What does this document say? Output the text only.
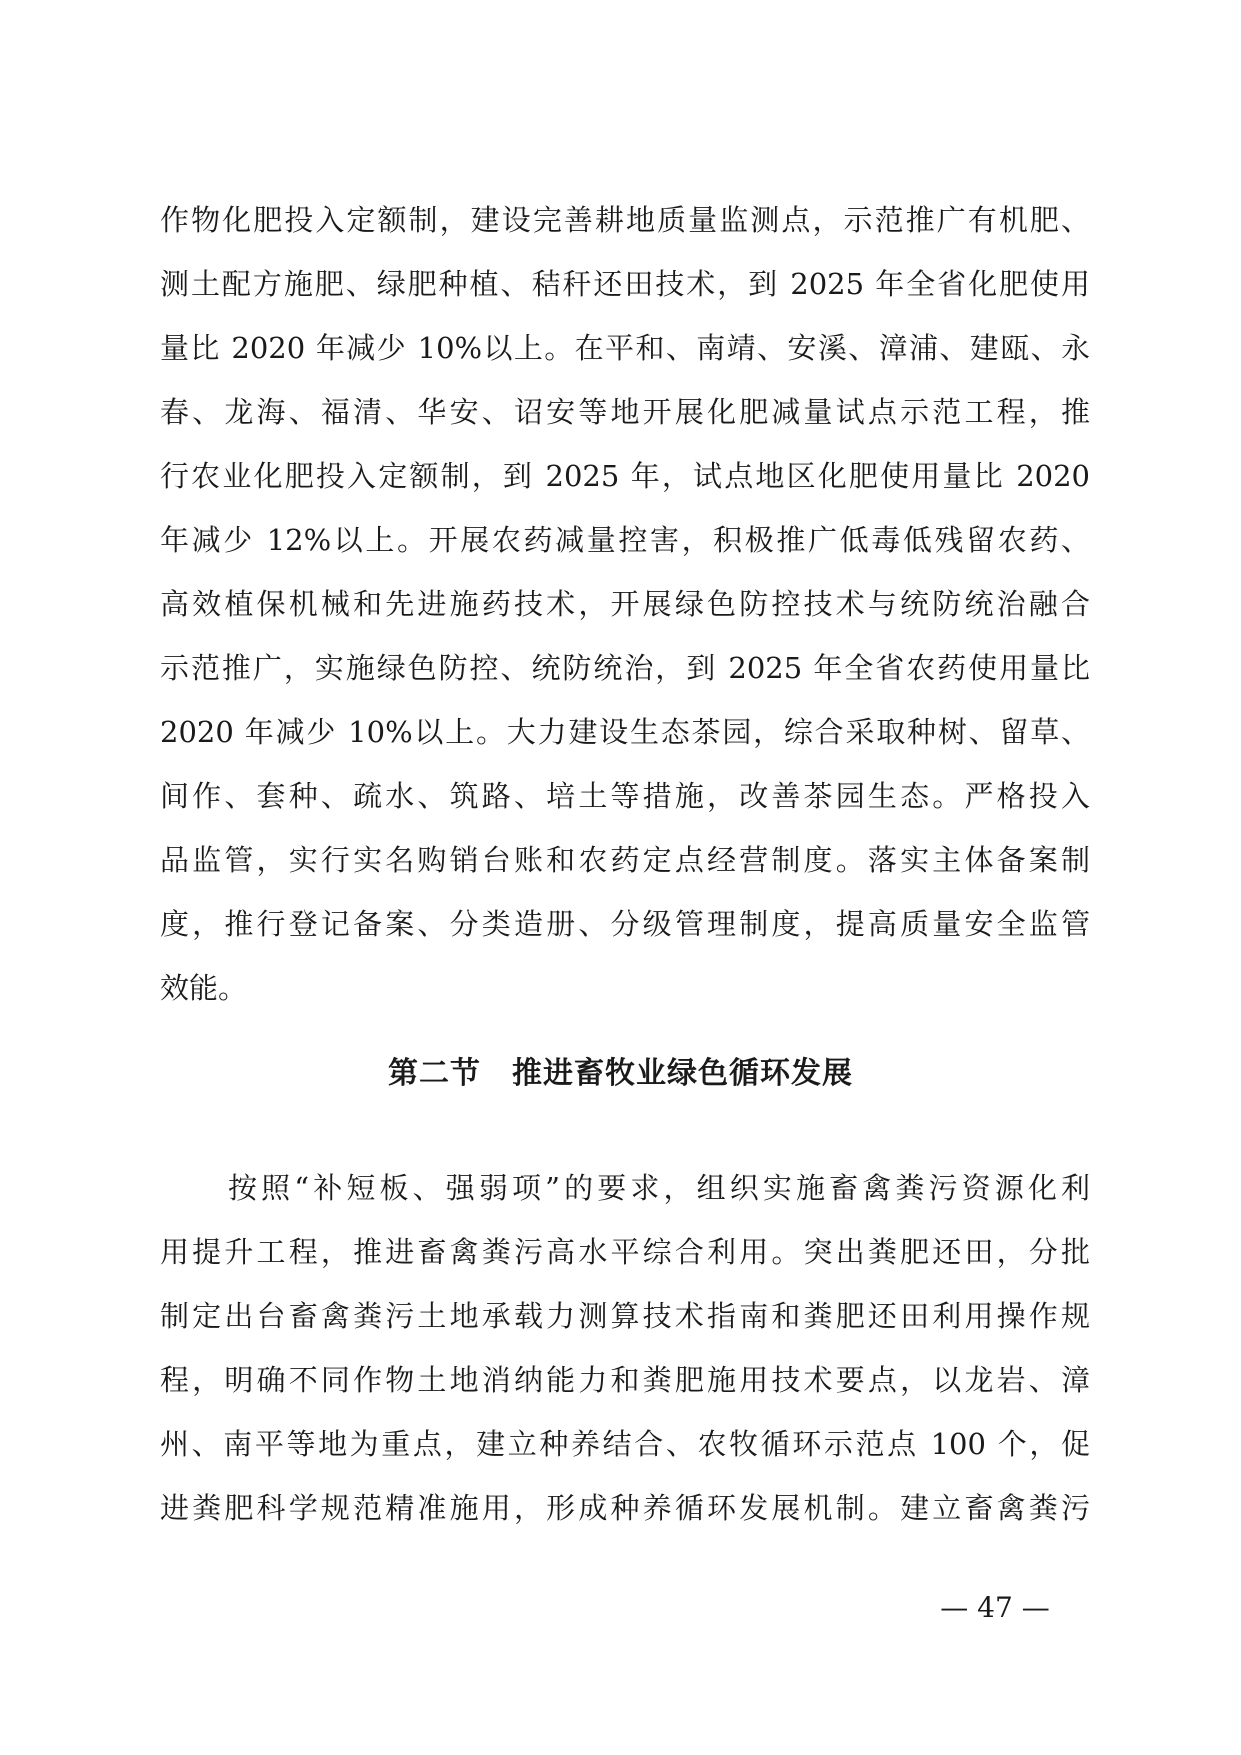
作物化肥投入定额制，建设完善耕地质量监测点，示范推广有机肥、
测土配方施肥、绿肥种植、秸秆还田技术，到 2025 年全省化肥使用
量比 2020 年减少 10%以上。在平和、南靖、安溪、漳浦、建瓯、永
春、龙海、福清、华安、诏安等地开展化肥减量试点示范工程，推
行农业化肥投入定额制，到 2025 年，试点地区化肥使用量比 2020
年减少 12%以上。开展农药减量控害，积极推广低毒低残留农药、
高效植保机械和先进施药技术，开展绿色防控技术与统防统治融合
示范推广，实施绿色防控、统防统治，到 2025 年全省农药使用量比
2020 年减少 10%以上。大力建设生态茶园，综合采取种树、留草、
间作、套种、疏水、筑路、培土等措施，改善茶园生态。严格投入
品监管，实行实名购销台账和农药定点经营制度。落实主体备案制
度，推行登记备案、分类造册、分级管理制度，提高质量安全监管
效能。
第二节　推进畜牧业绿色循环发展
按照“补短板、强弱项”的要求，组织实施畜禽粪污资源化利
用提升工程，推进畜禽粪污高水平综合利用。突出粪肥还田，分批
制定出台畜禽粪污土地承载力测算技术指南和粪肥还田利用操作规
程，明确不同作物土地消纳能力和粪肥施用技术要点，以龙岩、漳
州、南平等地为重点，建立种养结合、农牧循环示范点 100 个，促
进粪肥科学规范精准施用，形成种养循环发展机制。建立畜禽粪污
— 47 —
